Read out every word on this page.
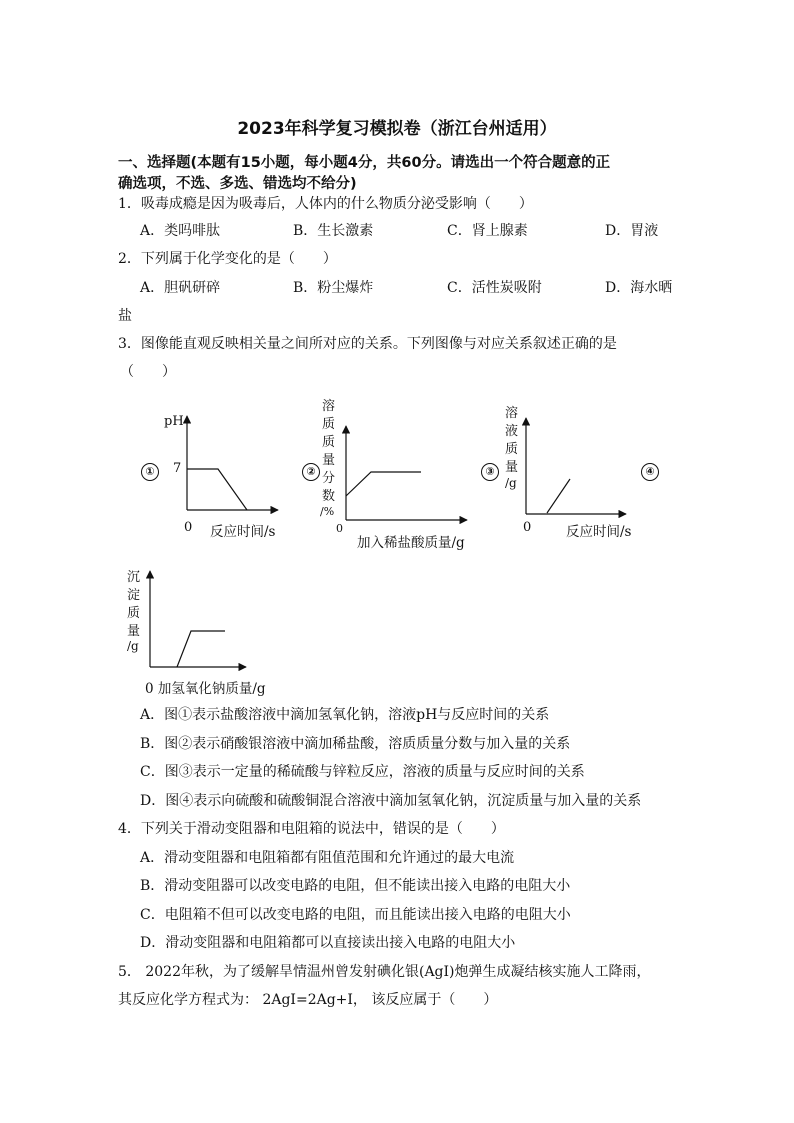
2023年科学复习模拟卷（浙江台州适用）
一、选择题(本题有15小题，每小题4分，共60分。请选出一个符合题意的正
确选项，不选、多选、错选均不给分)
1．吸毒成瘾是因为吸毒后，人体内的什么物质分泌受影响（　　）
A．类吗啡肽	B．生长激素	C．肾上腺素	D．胃液
2．下列属于化学变化的是（　　）
A．胆矾研碎	B．粉尘爆炸	C．活性炭吸附	D．海水晒
盐
3．图像能直观反映相关量之间所对应的关系。下列图像与对应关系叙述正确的是
（　　）
①
pH
7
0 反应时间/s
②
溶
质
质
量
分
数
/%
0
加入稀盐酸质量/g
③
溶
液
质
量
/g
0	反应时间/s
④
沉
淀
质
量
/g
0 加氢氧化钠质量/g
A．图①表示盐酸溶液中滴加氢氧化钠，溶液pH与反应时间的关系
B．图②表示硝酸银溶液中滴加稀盐酸，溶质质量分数与加入量的关系
C．图③表示一定量的稀硫酸与锌粒反应，溶液的质量与反应时间的关系
D．图④表示向硫酸和硫酸铜混合溶液中滴加氢氧化钠，沉淀质量与加入量的关系
4．下列关于滑动变阻器和电阻箱的说法中，错误的是（　　）
A．滑动变阻器和电阻箱都有阻值范围和允许通过的最大电流
B．滑动变阻器可以改变电路的电阻，但不能读出接入电路的电阻大小
C．电阻箱不但可以改变电路的电阻，而且能读出接入电路的电阻大小
D．滑动变阻器和电阻箱都可以直接读出接入电路的电阻大小
5． 2022年秋，为了缓解旱情温州曾发射碘化银(AgI)炮弹生成凝结核实施人工降雨，
其反应化学方程式为： 2AgI=2Ag+I， 该反应属于（　　）
